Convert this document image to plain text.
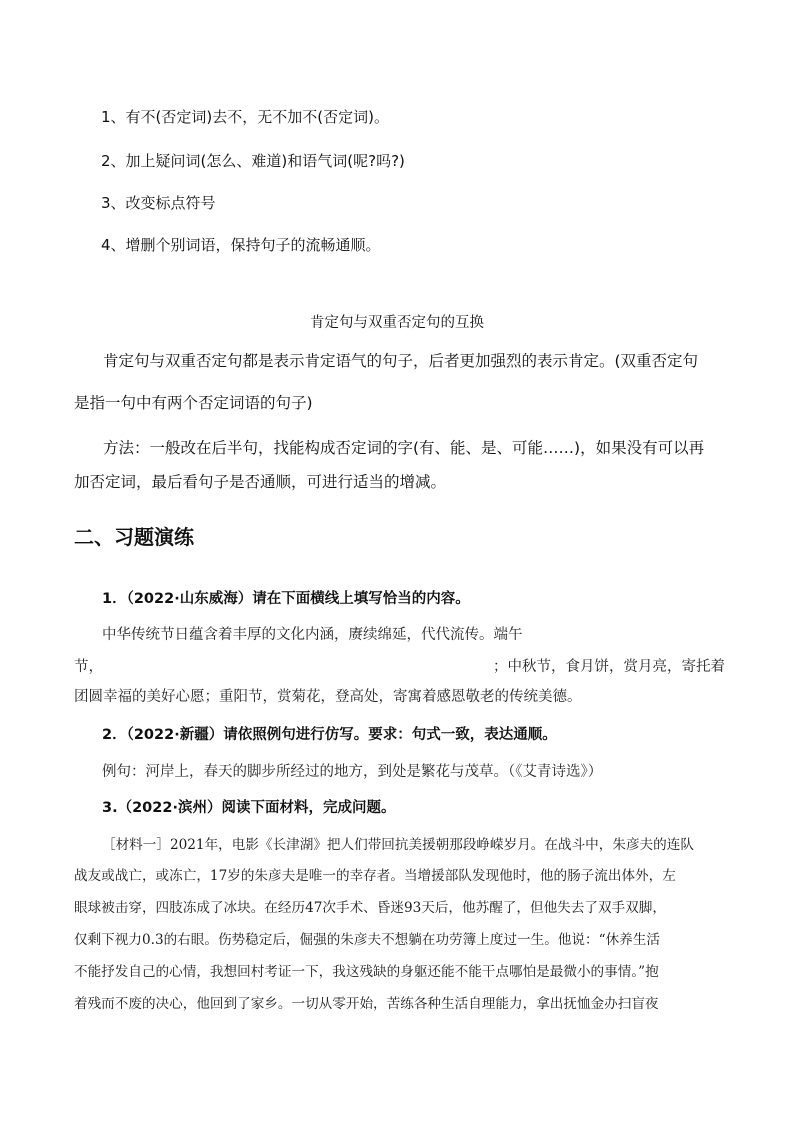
1、有不(否定词)去不，无不加不(否定词)。
2、加上疑问词(怎么、难道)和语气词(呢?吗?)
3、改变标点符号
4、增删个别词语，保持句子的流畅通顺。
肯定句与双重否定句的互换
肯定句与双重否定句都是表示肯定语气的句子，后者更加强烈的表示肯定。(双重否定句
是指一句中有两个否定词语的句子)
方法：一般改在后半句，找能构成否定词的字(有、能、是、可能……)，如果没有可以再
加否定词，最后看句子是否通顺，可进行适当的增减。
二、习题演练
1．（2022·山东威海）请在下面横线上填写恰当的内容。
中华传统节日蕴含着丰厚的文化内涵，赓续绵延，代代流传。端午
节，	；中秋节，食月饼，赏月亮，寄托着
团圆幸福的美好心愿；重阳节，赏菊花，登高处，寄寓着感恩敬老的传统美德。
2．（2022·新疆）请依照例句进行仿写。要求：句式一致，表达通顺。
例句：河岸上，春天的脚步所经过的地方，到处是繁花与茂草。（《艾青诗选》）
3.（2022·滨州）阅读下面材料，完成问题。
［材料一］2021年，电影《长津湖》把人们带回抗美援朝那段峥嵘岁月。在战斗中，朱彦夫的连队
战友或战亡，或冻亡，17岁的朱彦夫是唯一的幸存者。当增援部队发现他时，他的肠子流出体外，左
眼球被击穿，四肢冻成了冰块。在经历47次手术、昏迷93天后，他苏醒了，但他失去了双手双脚，
仅剩下视力0.3的右眼。伤势稳定后，倔强的朱彦夫不想躺在功劳簿上度过一生。他说：“休养生活
不能抒发自己的心情，我想回村考证一下，我这残缺的身躯还能不能干点哪怕是最微小的事情。”抱
着残而不废的决心，他回到了家乡。一切从零开始，苦练各种生活自理能力，拿出抚恤金办扫盲夜
